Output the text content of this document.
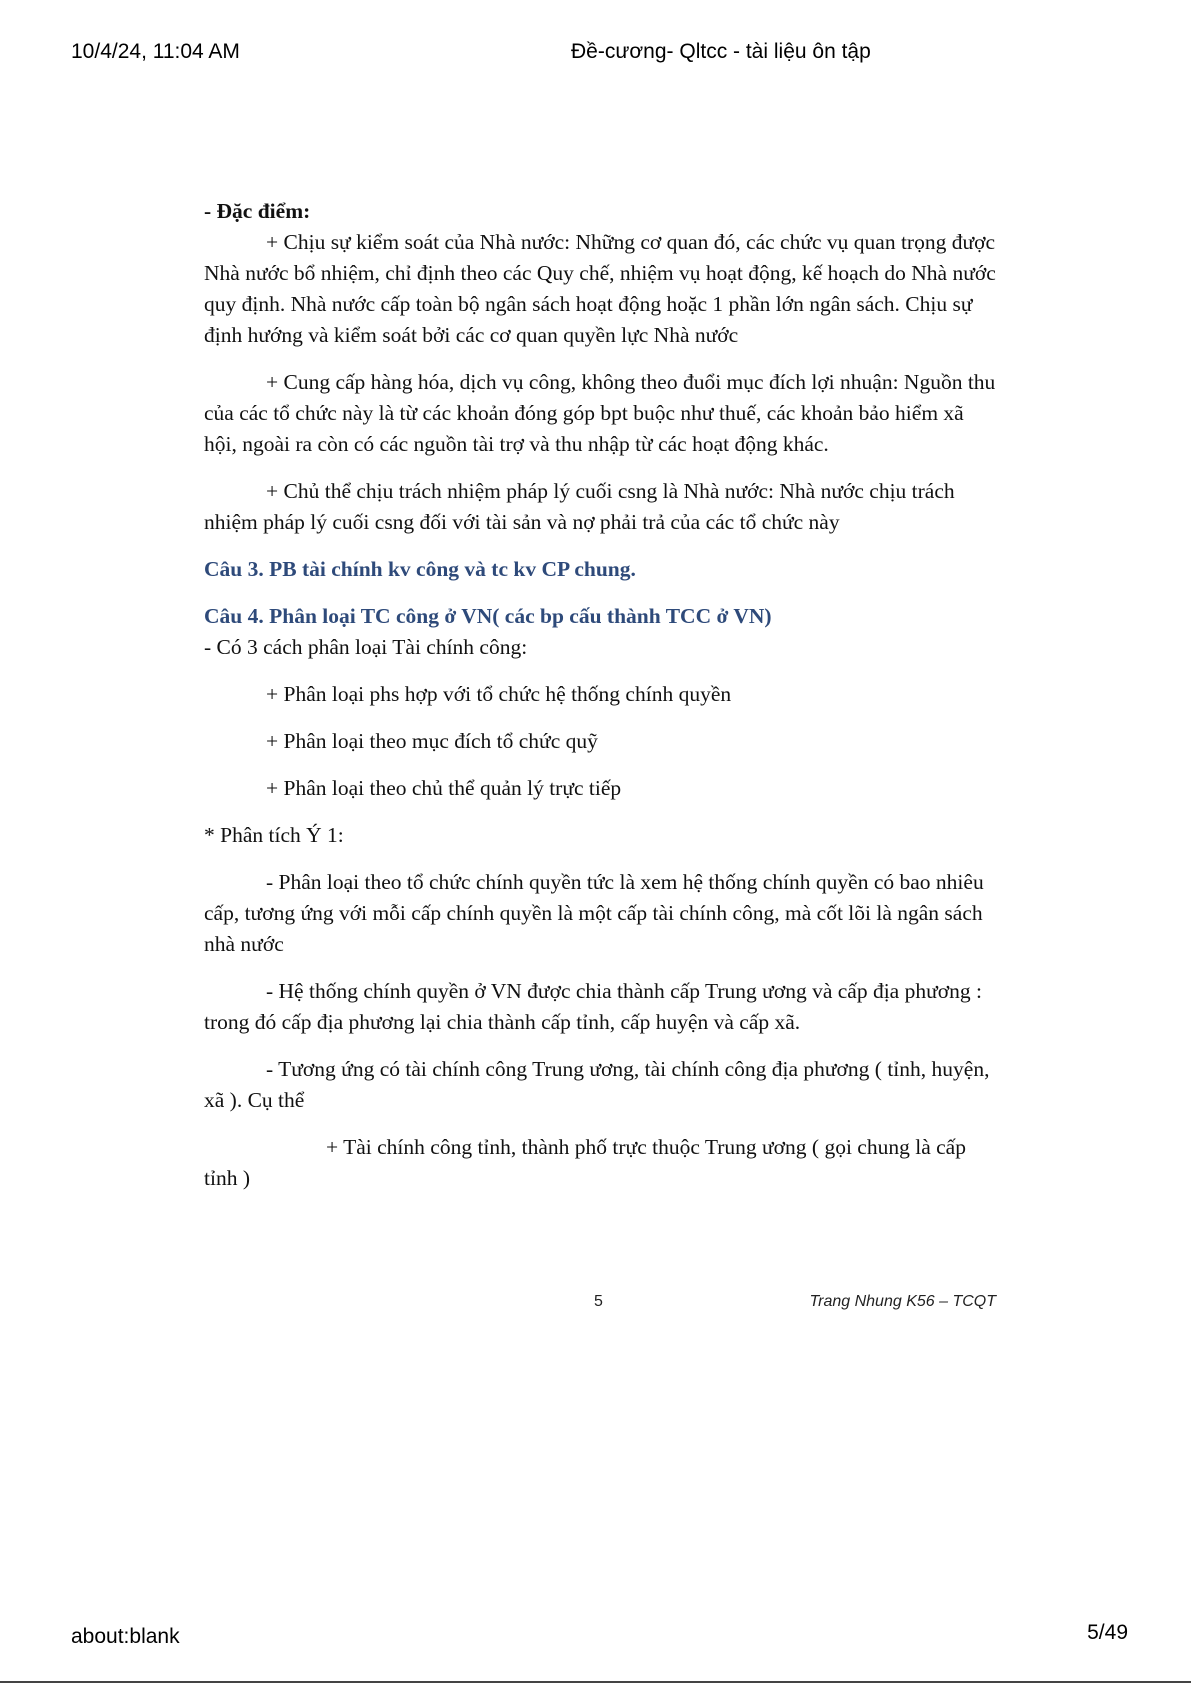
10/4/24, 11:04 AM	Đề-cương- Qltcc - tài liệu ôn tập

- Đặc điểm:

+ Chịu sự kiểm soát của Nhà nước: Những cơ quan đó, các chức vụ quan trọng được Nhà nước bổ nhiệm, chỉ định theo các Quy chế, nhiệm vụ hoạt động, kế hoạch do Nhà nước quy định. Nhà nước cấp toàn bộ ngân sách hoạt động hoặc 1 phần lớn ngân sách. Chịu sự định hướng và kiểm soát bởi các cơ quan quyền lực Nhà nước

+ Cung cấp hàng hóa, dịch vụ công, không theo đuổi mục đích lợi nhuận: Nguồn thu của các tổ chức này là từ các khoản đóng góp bpt buộc như thuế, các khoản bảo hiểm xã hội, ngoài ra còn có các nguồn tài trợ và thu nhập từ các hoạt động khác.

+ Chủ thể chịu trách nhiệm pháp lý cuối csng là Nhà nước: Nhà nước chịu trách nhiệm pháp lý cuối csng đối với tài sản và nợ phải trả của các tổ chức này

Câu 3. PB tài chính kv công và tc kv CP chung.

Câu 4. Phân loại TC công ở VN( các bp cấu thành TCC ở VN)

- Có 3 cách phân loại Tài chính công:

+ Phân loại phs hợp với tổ chức hệ thống chính quyền

+ Phân loại theo mục đích tổ chức quỹ

+ Phân loại theo chủ thể quản lý trực tiếp

* Phân tích Ý 1:

- Phân loại theo tổ chức chính quyền tức là xem hệ thống chính quyền có bao nhiêu cấp, tương ứng với mỗi cấp chính quyền là một cấp tài chính công, mà cốt lõi là ngân sách nhà nước

- Hệ thống chính quyền ở VN được chia thành cấp Trung ương và cấp địa phương : trong đó cấp địa phương lại chia thành cấp tỉnh, cấp huyện và cấp xã.

- Tương ứng có tài chính công Trung ương, tài chính công địa phương ( tỉnh, huyện, xã ). Cụ thể

+ Tài chính công tỉnh, thành phố trực thuộc Trung ương ( gọi chung là cấp tỉnh )

5	Trang Nhung K56 – TCQT
about:blank	5/49
